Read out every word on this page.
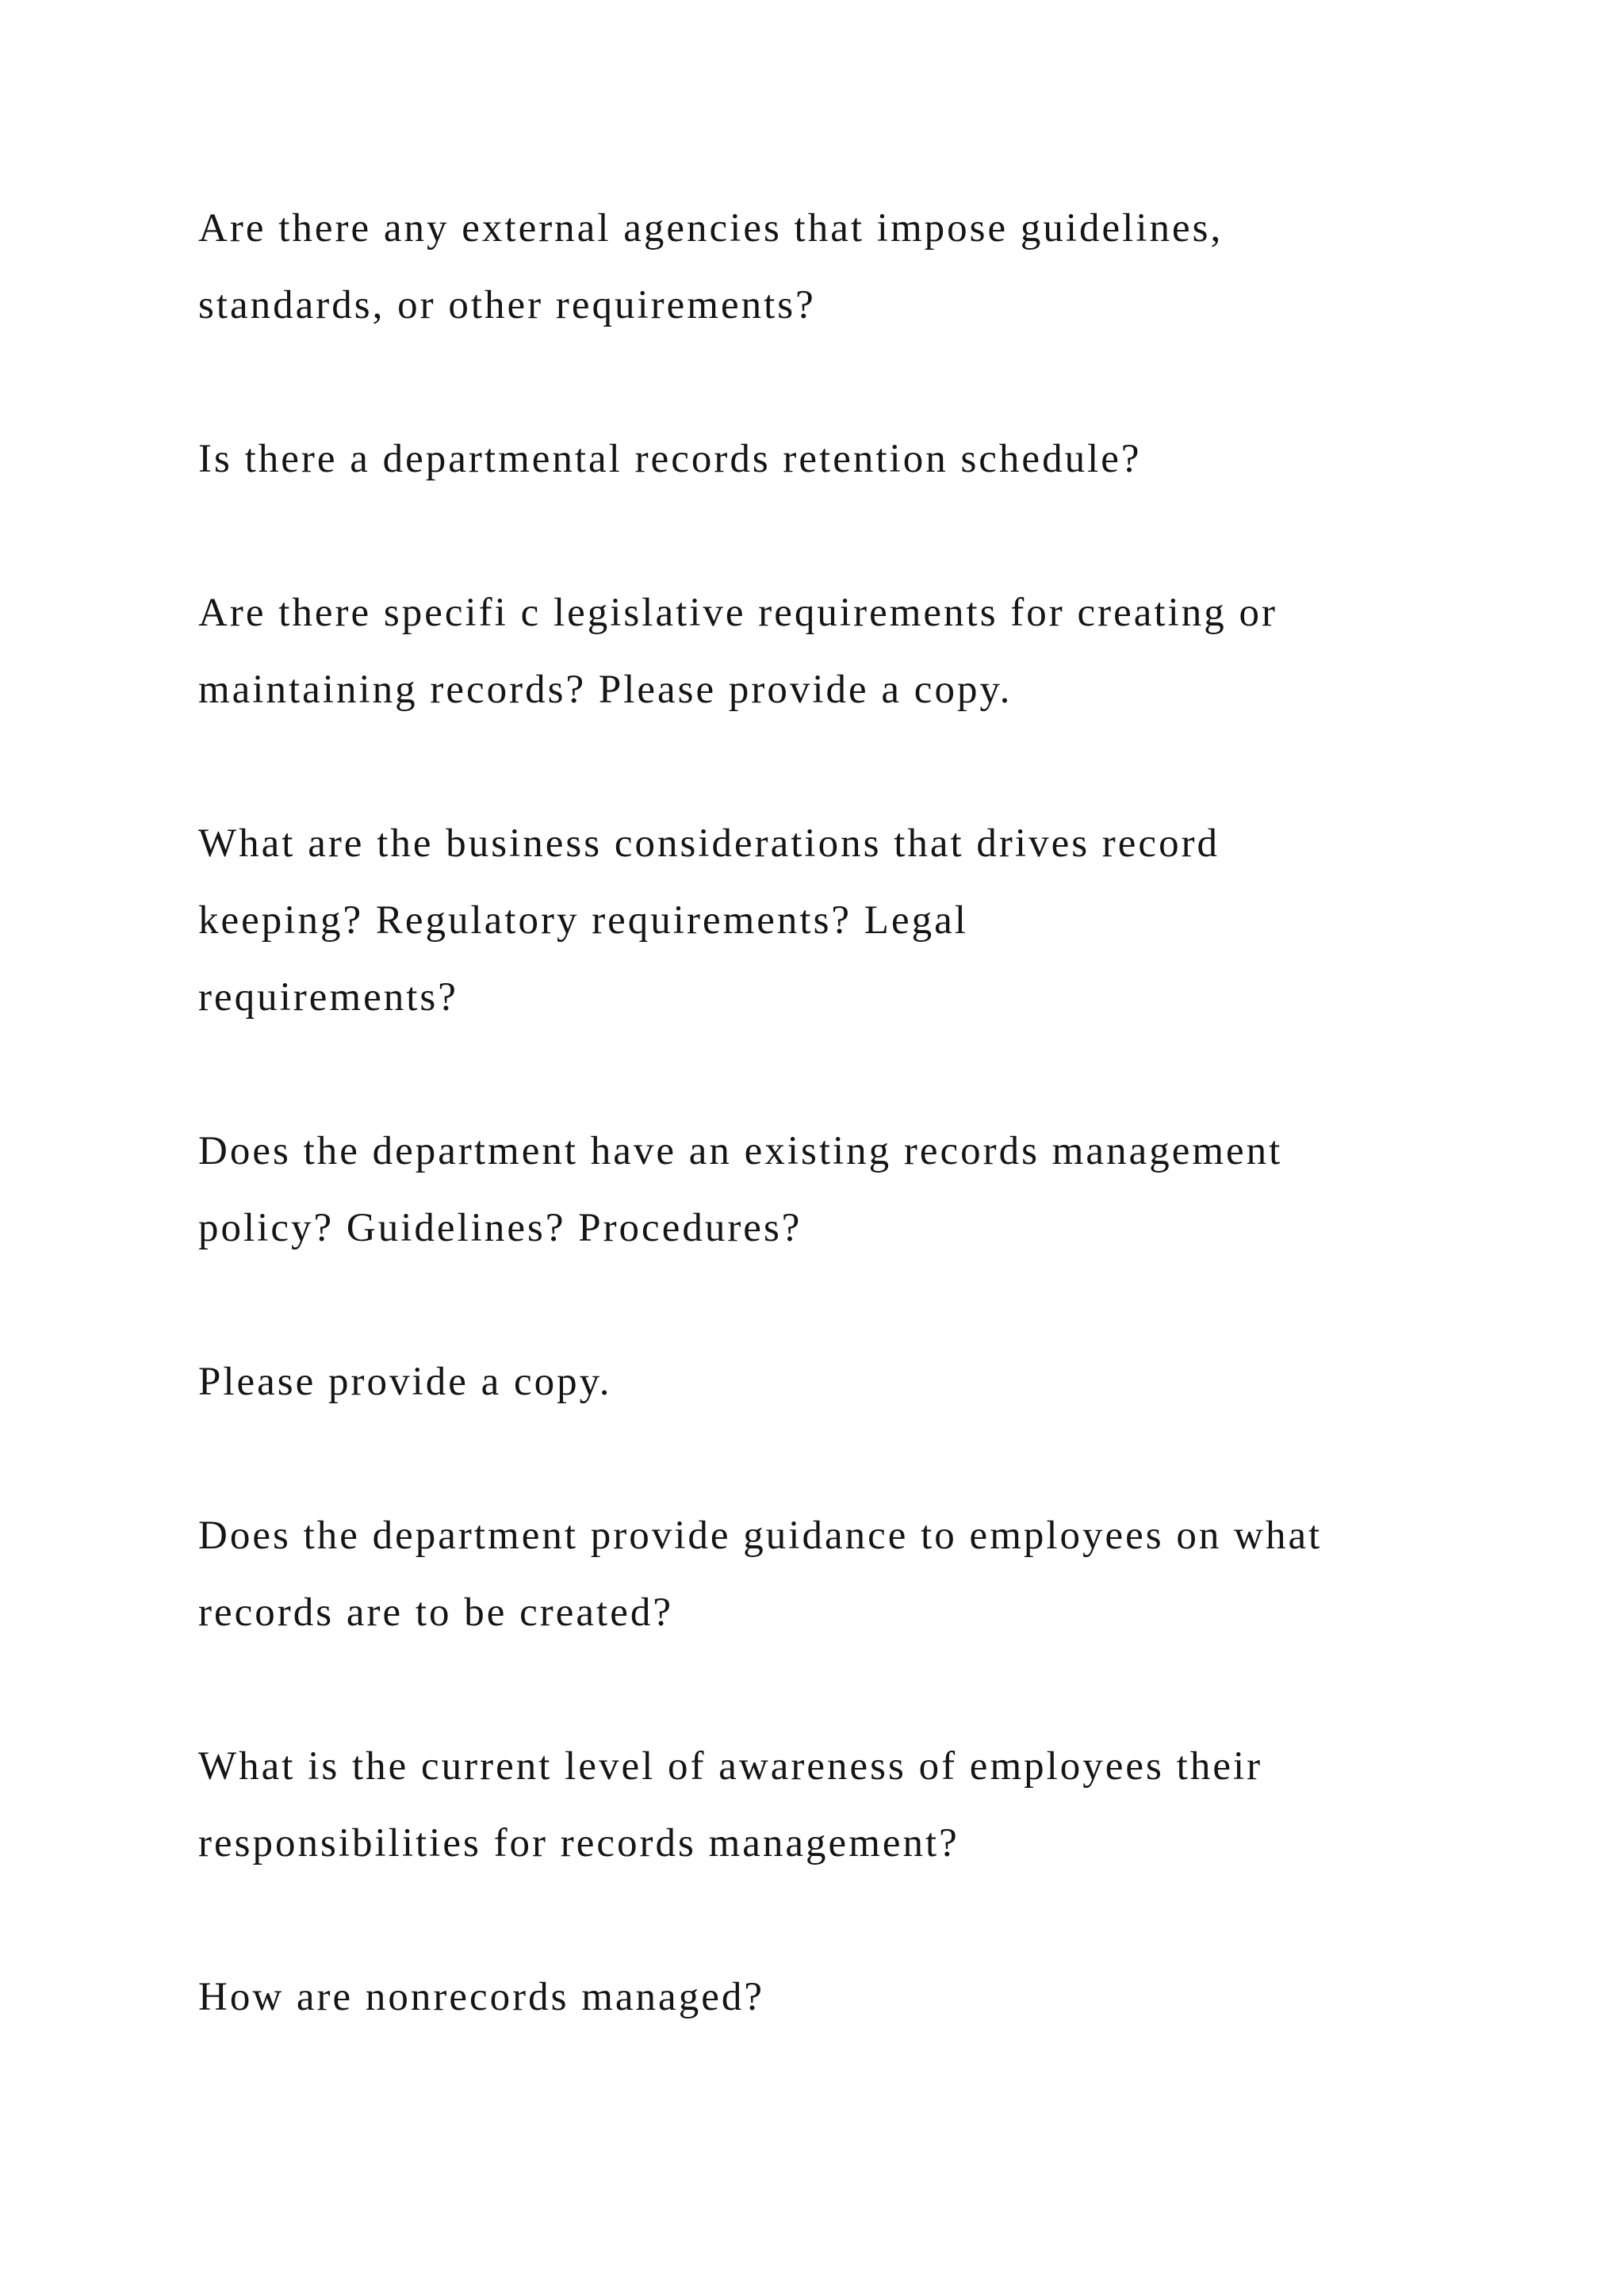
Are there any external agencies that impose guidelines,
standards, or other requirements?

Is there a departmental records retention schedule?

Are there specifi c legislative requirements for creating or
maintaining records? Please provide a copy.

What are the business considerations that drives record
keeping? Regulatory requirements? Legal
requirements?

Does the department have an existing records management
policy? Guidelines? Procedures?

Please provide a copy.

Does the department provide guidance to employees on what
records are to be created?

What is the current level of awareness of employees their
responsibilities for records management?

How are nonrecords managed?
